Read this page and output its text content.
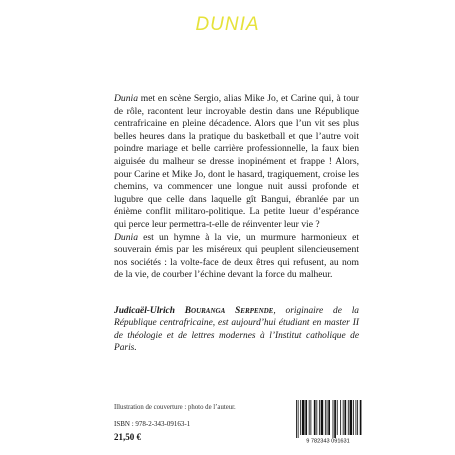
DUNIA

Dunia met en scène Sergio, alias Mike Jo, et Carine qui, à tour de rôle, racontent leur incroyable destin dans une République centrafricaine en pleine décadence. Alors que l’un vit ses plus belles heures dans la pratique du basketball et que l’autre voit poindre mariage et belle carrière professionnelle, la faux bien aiguisée du malheur se dresse inopinément et frappe ! Alors, pour Carine et Mike Jo, dont le hasard, tragiquement, croise les chemins, va commencer une longue nuit aussi profonde et lugubre que celle dans laquelle gît Bangui, ébranlée par un énième conflit militaro-politique. La petite lueur d’espérance qui perce leur permettra-t-elle de réinventer leur vie ?

Dunia est un hymne à la vie, un murmure harmonieux et souverain émis par les miséreux qui peuplent silencieusement nos sociétés : la volte-face de deux êtres qui refusent, au nom de la vie, de courber l’échine devant la force du malheur.

Judicaël-Ulrich Bouranga Serpende, originaire de la République centrafricaine, est aujourd’hui étudiant en master II de théologie et de lettres modernes à l’Institut catholique de Paris.
Illustration de couverture : photo de l’auteur.
ISBN : 978-2-343-09163-1
21,50 €	9 782343 091631
